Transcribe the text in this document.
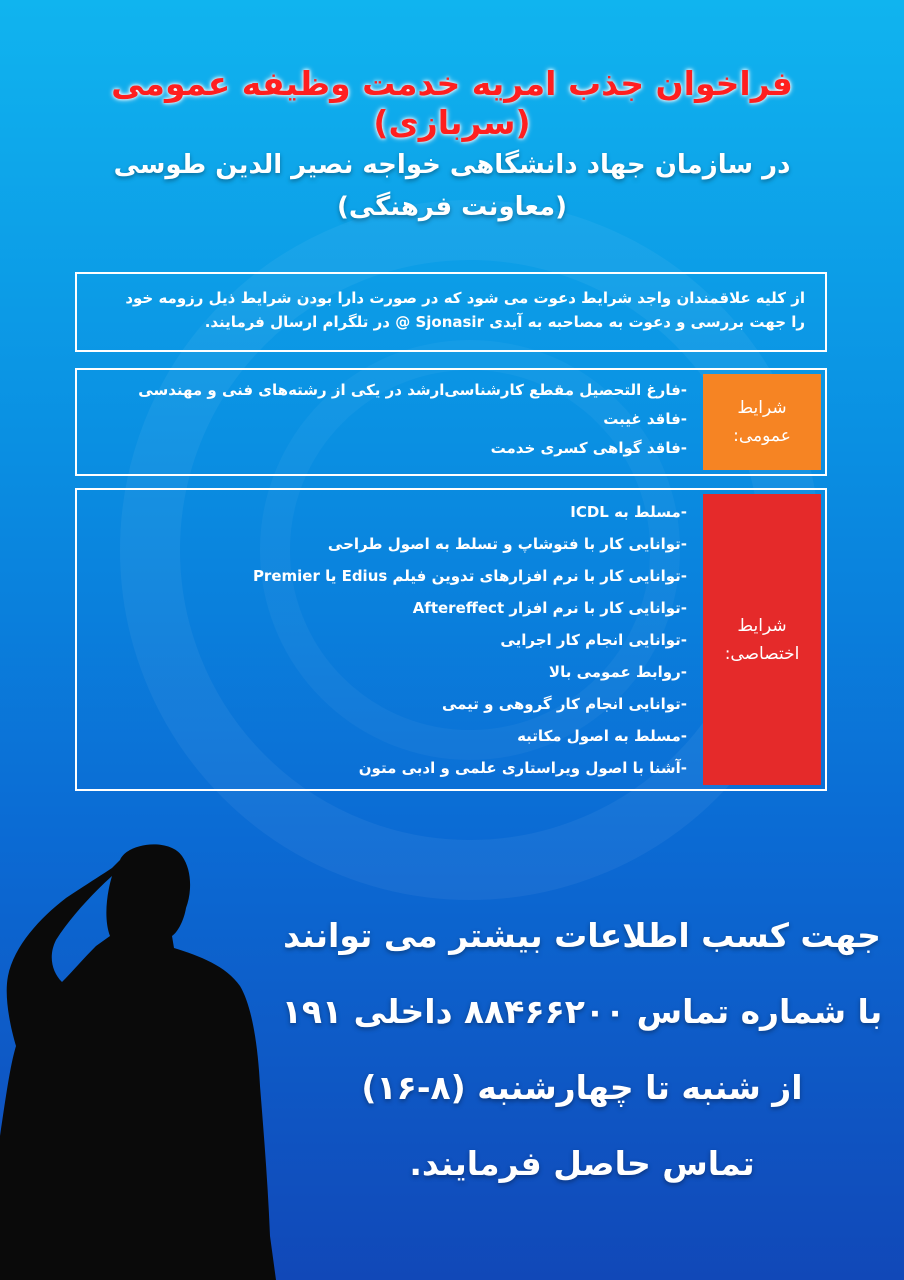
فراخوان جذب امریه خدمت وظیفه عمومی (سربازی)
در سازمان جهاد دانشگاهی خواجه نصیر الدین طوسی
(معاونت فرهنگی)
از کلیه علاقمندان واجد شرایط دعوت می شود که در صورت دارا بودن شرایط ذیل رزومه خود
را جهت بررسی و دعوت به مصاحبه به آیدی Sjonasir @ در تلگرام ارسال فرمایند.
شرایط
عمومی:
-فارغ التحصیل مقطع کارشناسی‌ارشد در یکی از رشته‌های فنی و مهندسی
-فاقد غیبت
-فاقد گواهی کسری خدمت
شرایط
اختصاصی:
-مسلط به ICDL
-توانایی کار با فتوشاپ و تسلط به اصول طراحی
-توانایی کار با نرم افزارهای تدوین فیلم Edius یا Premier
-توانایی کار با نرم افزار Aftereffect
-توانایی انجام کار اجرایی
-روابط عمومی بالا
-توانایی انجام کار گروهی و تیمی
-مسلط به اصول مکاتبه
-آشنا با اصول ویراستاری علمی و ادبی متون
جهت کسب اطلاعات بیشتر می توانند
با شماره تماس ۸۸۴۶۶۲۰۰ داخلی ۱۹۱
از شنبه تا چهارشنبه (۸-۱۶)
تماس حاصل فرمایند.
